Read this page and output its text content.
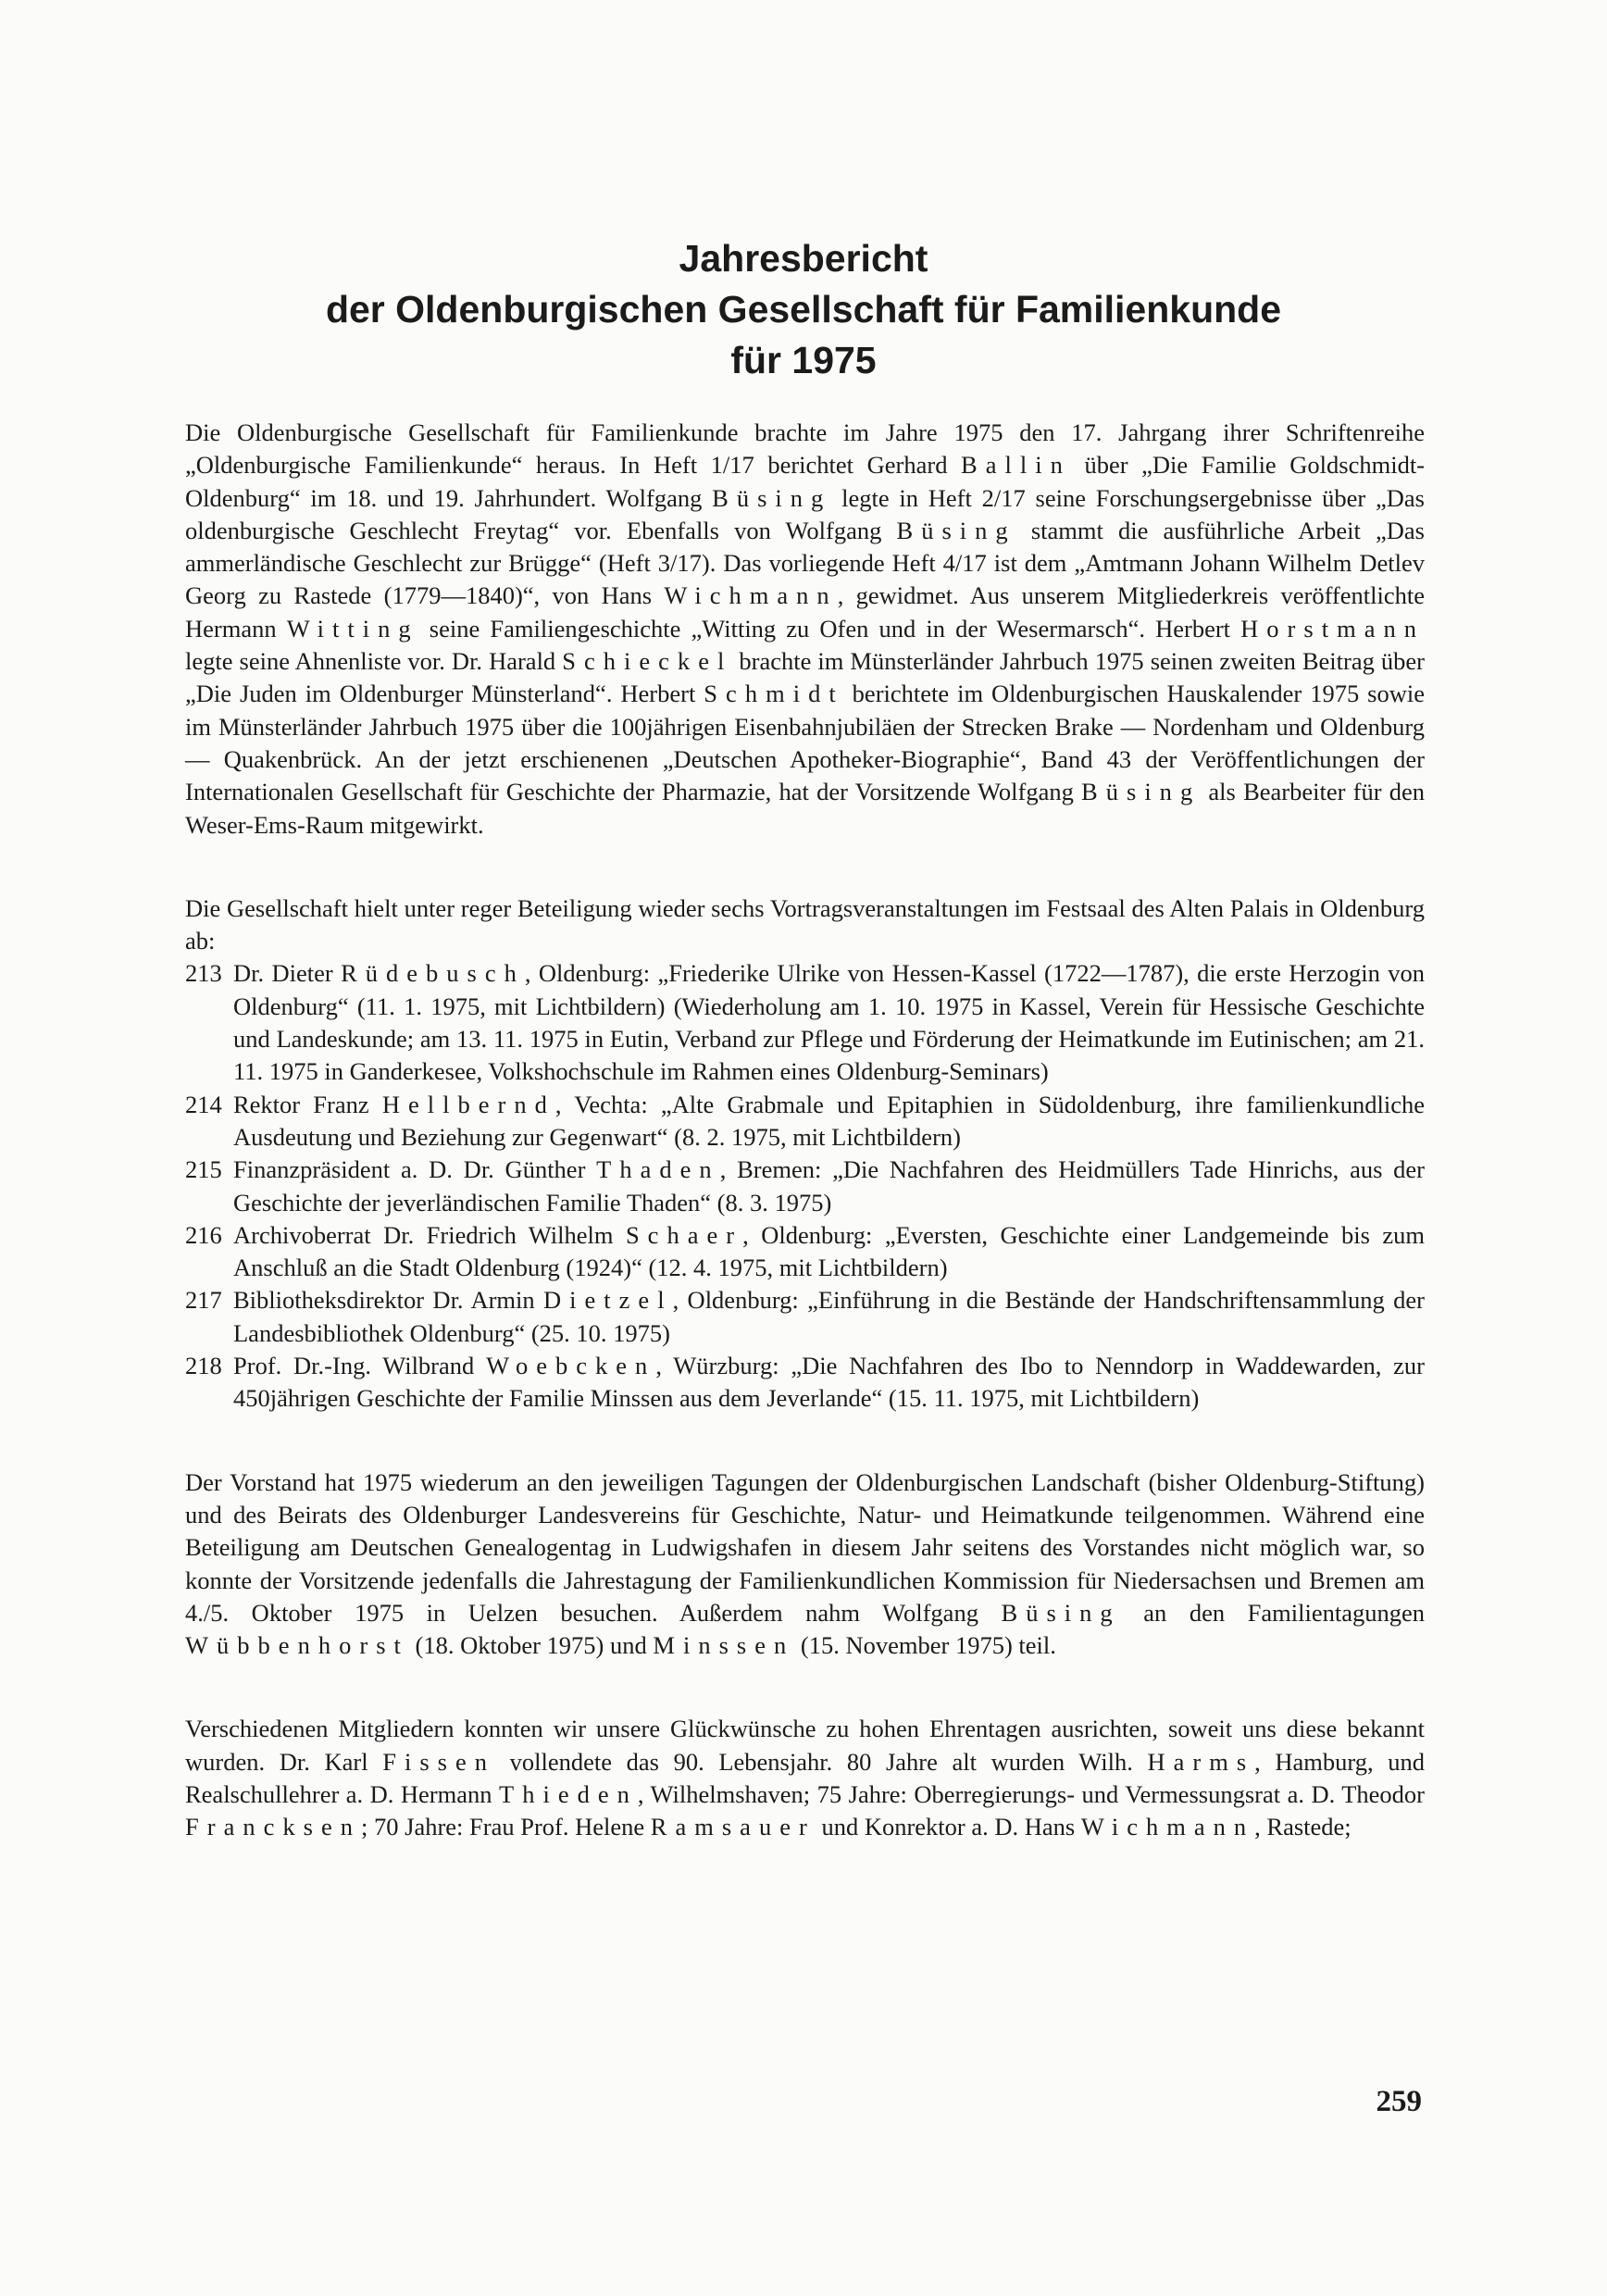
Jahresbericht
der Oldenburgischen Gesellschaft für Familienkunde
für 1975

Die Oldenburgische Gesellschaft für Familienkunde brachte im Jahre 1975 den 17. Jahrgang ihrer Schriftenreihe „Oldenburgische Familienkunde“ heraus. In Heft 1/17 berichtet Gerhard Ballin über „Die Familie Goldschmidt-Oldenburg“ im 18. und 19. Jahrhundert. Wolfgang Büsing legte in Heft 2/17 seine Forschungsergebnisse über „Das oldenburgische Geschlecht Freytag“ vor. Ebenfalls von Wolfgang Büsing stammt die ausführliche Arbeit „Das ammerländische Geschlecht zur Brügge“ (Heft 3/17). Das vorliegende Heft 4/17 ist dem „Amtmann Johann Wilhelm Detlev Georg zu Rastede (1779—1840)“, von Hans Wichmann, gewidmet. Aus unserem Mitgliederkreis veröffentlichte Hermann Witting seine Familiengeschichte „Witting zu Ofen und in der Wesermarsch“. Herbert Horstmann legte seine Ahnenliste vor. Dr. Harald Schieckel brachte im Münsterländer Jahrbuch 1975 seinen zweiten Beitrag über „Die Juden im Oldenburger Münsterland“. Herbert Schmidt berichtete im Oldenburgischen Hauskalender 1975 sowie im Münsterländer Jahrbuch 1975 über die 100jährigen Eisenbahnjubiläen der Strecken Brake — Nordenham und Oldenburg — Quakenbrück. An der jetzt erschienenen „Deutschen Apotheker-Biographie“, Band 43 der Veröffentlichungen der Internationalen Gesellschaft für Geschichte der Pharmazie, hat der Vorsitzende Wolfgang Büsing als Bearbeiter für den Weser-Ems-Raum mitgewirkt.

Die Gesellschaft hielt unter reger Beteiligung wieder sechs Vortragsveranstaltungen im Festsaal des Alten Palais in Oldenburg ab:

213 Dr. Dieter Rüdebusch, Oldenburg: „Friederike Ulrike von Hessen-Kassel (1722—1787), die erste Herzogin von Oldenburg“ (11. 1. 1975, mit Lichtbildern) (Wiederholung am 1. 10. 1975 in Kassel, Verein für Hessische Geschichte und Landeskunde; am 13. 11. 1975 in Eutin, Verband zur Pflege und Förderung der Heimatkunde im Eutinischen; am 21. 11. 1975 in Ganderkesee, Volkshochschule im Rahmen eines Oldenburg-Seminars)
214 Rektor Franz Hellbernd, Vechta: „Alte Grabmale und Epitaphien in Südoldenburg, ihre familienkundliche Ausdeutung und Beziehung zur Gegenwart“ (8. 2. 1975, mit Lichtbildern)
215 Finanzpräsident a. D. Dr. Günther Thaden, Bremen: „Die Nachfahren des Heidmüllers Tade Hinrichs, aus der Geschichte der jeverländischen Familie Thaden“ (8. 3. 1975)
216 Archivoberrat Dr. Friedrich Wilhelm Schaer, Oldenburg: „Eversten, Geschichte einer Landgemeinde bis zum Anschluß an die Stadt Oldenburg (1924)“ (12. 4. 1975, mit Lichtbildern)
217 Bibliotheksdirektor Dr. Armin Dietzel, Oldenburg: „Einführung in die Bestände der Handschriftensammlung der Landesbibliothek Oldenburg“ (25. 10. 1975)
218 Prof. Dr.-Ing. Wilbrand Woebcken, Würzburg: „Die Nachfahren des Ibo to Nenndorp in Waddewarden, zur 450jährigen Geschichte der Familie Minssen aus dem Jeverlande“ (15. 11. 1975, mit Lichtbildern)

Der Vorstand hat 1975 wiederum an den jeweiligen Tagungen der Oldenburgischen Landschaft (bisher Oldenburg-Stiftung) und des Beirats des Oldenburger Landesvereins für Geschichte, Natur- und Heimatkunde teilgenommen. Während eine Beteiligung am Deutschen Genealogentag in Ludwigshafen in diesem Jahr seitens des Vorstandes nicht möglich war, so konnte der Vorsitzende jedenfalls die Jahrestagung der Familienkundlichen Kommission für Niedersachsen und Bremen am 4./5. Oktober 1975 in Uelzen besuchen. Außerdem nahm Wolfgang Büsing an den Familientagungen Wübbenhorst (18. Oktober 1975) und Minssen (15. November 1975) teil.

Verschiedenen Mitgliedern konnten wir unsere Glückwünsche zu hohen Ehrentagen ausrichten, soweit uns diese bekannt wurden. Dr. Karl Fissen vollendete das 90. Lebensjahr. 80 Jahre alt wurden Wilh. Harms, Hamburg, und Realschullehrer a. D. Hermann Thieden, Wilhelmshaven; 75 Jahre: Oberregierungs- und Vermessungsrat a. D. Theodor Francksen; 70 Jahre: Frau Prof. Helene Ramsauer und Konrektor a. D. Hans Wichmann, Rastede;

259
